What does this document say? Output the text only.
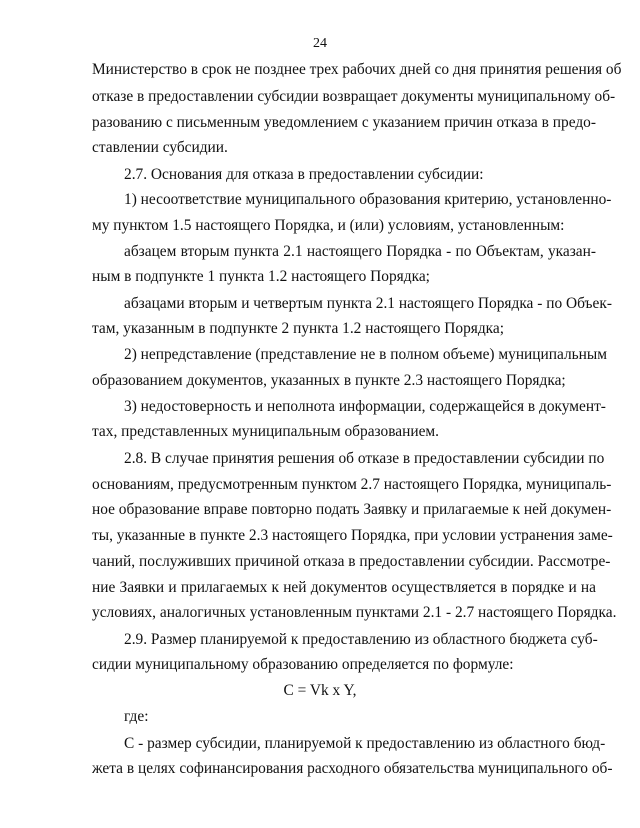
24
Министерство в срок не позднее трех рабочих дней со дня принятия решения об
отказе в предоставлении субсидии возвращает документы муниципальному об-
разованию с письменным уведомлением с указанием причин отказа в предо-
ставлении субсидии.
2.7. Основания для отказа в предоставлении субсидии:
1) несоответствие муниципального образования критерию, установленно-
му пунктом 1.5 настоящего Порядка, и (или) условиям, установленным:
абзацем вторым пункта 2.1 настоящего Порядка - по Объектам, указан-
ным в подпункте 1 пункта 1.2 настоящего Порядка;
абзацами вторым и четвертым пункта 2.1 настоящего Порядка - по Объек-
там, указанным в подпункте 2 пункта 1.2 настоящего Порядка;
2) непредставление (представление не в полном объеме) муниципальным
образованием документов, указанных в пункте 2.3 настоящего Порядка;
3) недостоверность и неполнота информации, содержащейся в документ-
тах, представленных муниципальным образованием.
2.8. В случае принятия решения об отказе в предоставлении субсидии по
основаниям, предусмотренным пунктом 2.7 настоящего Порядка, муниципаль-
ное образование вправе повторно подать Заявку и прилагаемые к ней докумен-
ты, указанные в пункте 2.3 настоящего Порядка, при условии устранения заме-
чаний, послуживших причиной отказа в предоставлении субсидии. Рассмотре-
ние Заявки и прилагаемых к ней документов осуществляется в порядке и на
условиях, аналогичных установленным пунктами 2.1 - 2.7 настоящего Порядка.
2.9. Размер планируемой к предоставлению из областного бюджета суб-
сидии муниципальному образованию определяется по формуле:
C = Vk x Y,
где:
C - размер субсидии, планируемой к предоставлению из областного бюд-
жета в целях софинансирования расходного обязательства муниципального об-
